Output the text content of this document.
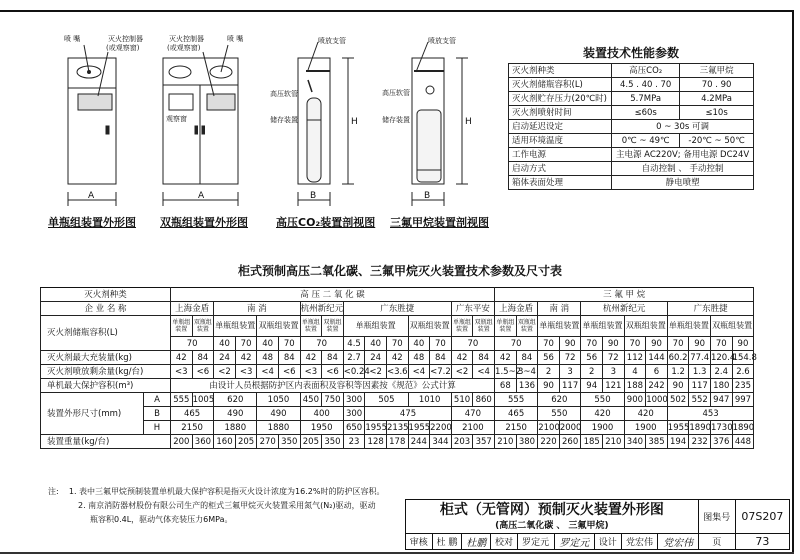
喷 嘴	灭火控制器
(或观察窗)
A
灭火控制器
(或观察窗)
喷 嘴
观察窗
A
喷放支管
高压软管
储存装置
B
H
喷放支管
高压软管
储存装置
B
H
单瓶组装置外形图 双瓶组装置外形图	高压CO₂装置剖视图 三氟甲烷装置剖视图
装置技术性能参数
灭火剂种类	高压CO₂	三氟甲烷
灭火剂储瓶容积(L)	4.5 . 40 . 70	70 . 90
灭火剂贮存压力(20℃时)	5.7MPa	4.2MPa
灭火剂喷射时间	≤60s	≤10s
启动延迟设定	0 ~ 30s 可调	
适用环境温度	0℃ ~ 49℃	-20℃ ~ 50℃
工作电源	主电源 AC220V; 备用电源 DC24V	
启动方式	自动控制 、 手动控制	
箱体表面处理	静电喷塑	
柜式预制高压二氧化碳、三氟甲烷灭火装置技术参数及尺寸表
灭火剂种类		高 压 二 氧 化 碳															三 氟 甲 烷											
企 业 名 称		上海金盾		南 消				杭州新纪元		广东胜捷					广东平安		上海金盾		南 消		杭州新纪元				广东胜捷			
灭火剂储瓶容积(L)		单瓶组装置	双瓶组装置	单瓶组装置		双瓶组装置		单瓶组装置	双瓶组装置	单瓶组装置			双瓶组装置		单瓶组装置	双瓶组装置	单瓶组装置	双瓶组装置	单瓶组装置		单瓶组装置		双瓶组装置		单瓶组装置		双瓶组装置	
		70		40	70	40	70	70		4.5	40	70	40	70	70		70		70	90	70	90	70	90	70	90	70	90
灭火剂最大充装量(kg)		42	84	24	42	48	84	42	84	2.7	24	42	48	84	42	84	42	84	56	72	56	72	112	144	60.2	77.4	120.4	154.8
灭火剂喷放剩余量(kg/台)		<3	<6	<2	<3	<4	<6	<3	<6	<0.24	<2	<3.6	<4	<7.2	<2	<4	1.5~2	3~4	2	3	2	3	4	6	1.2	1.3	2.4	2.6
单机最大保护容积(m³)		由设计人员根据防护区内表面积及容积等因素按《规范》公式计算															68	136	90	117	94	121	188	242	90	117	180	235
装置外形尺寸(mm)	A	555	1005	620		1050		450	750	300	505		1010		510	860	555		620		550		900	1000	502	552	947	997
	B	465		490		490		400		300	475				470		465		550		420		420		453			
	H	2150		1880		1880		1950		650	1955	2135	1955	2200	2100		2150		2100	2000	1900		1900		1955	1890	1730	1890
装置重量(kg/台)		200	360	160	205	270	350	205	350	23	128	178	244	344	203	357	210	380	220	260	185	210	340	385	194	232	376	448
注: 1. 表中三氟甲烷预制装置单机最大保护容积是指灭火设计浓度为16.2%时的防护区容积。
2. 南京消防器材股份有限公司生产的柜式三氟甲烷灭火装置采用氮气(N₂)驱动，驱动
瓶容积0.4L，驱动气体充装压力6MPa。
柜式（无管网）预制灭火装置外形图
(高压二氧化碳 、 三氟甲烷)									图集号	07S207
审核	杜 鹏	杜鹏	校对	罗定元	罗定元	设计	党宏伟	党宏伟	页	73
